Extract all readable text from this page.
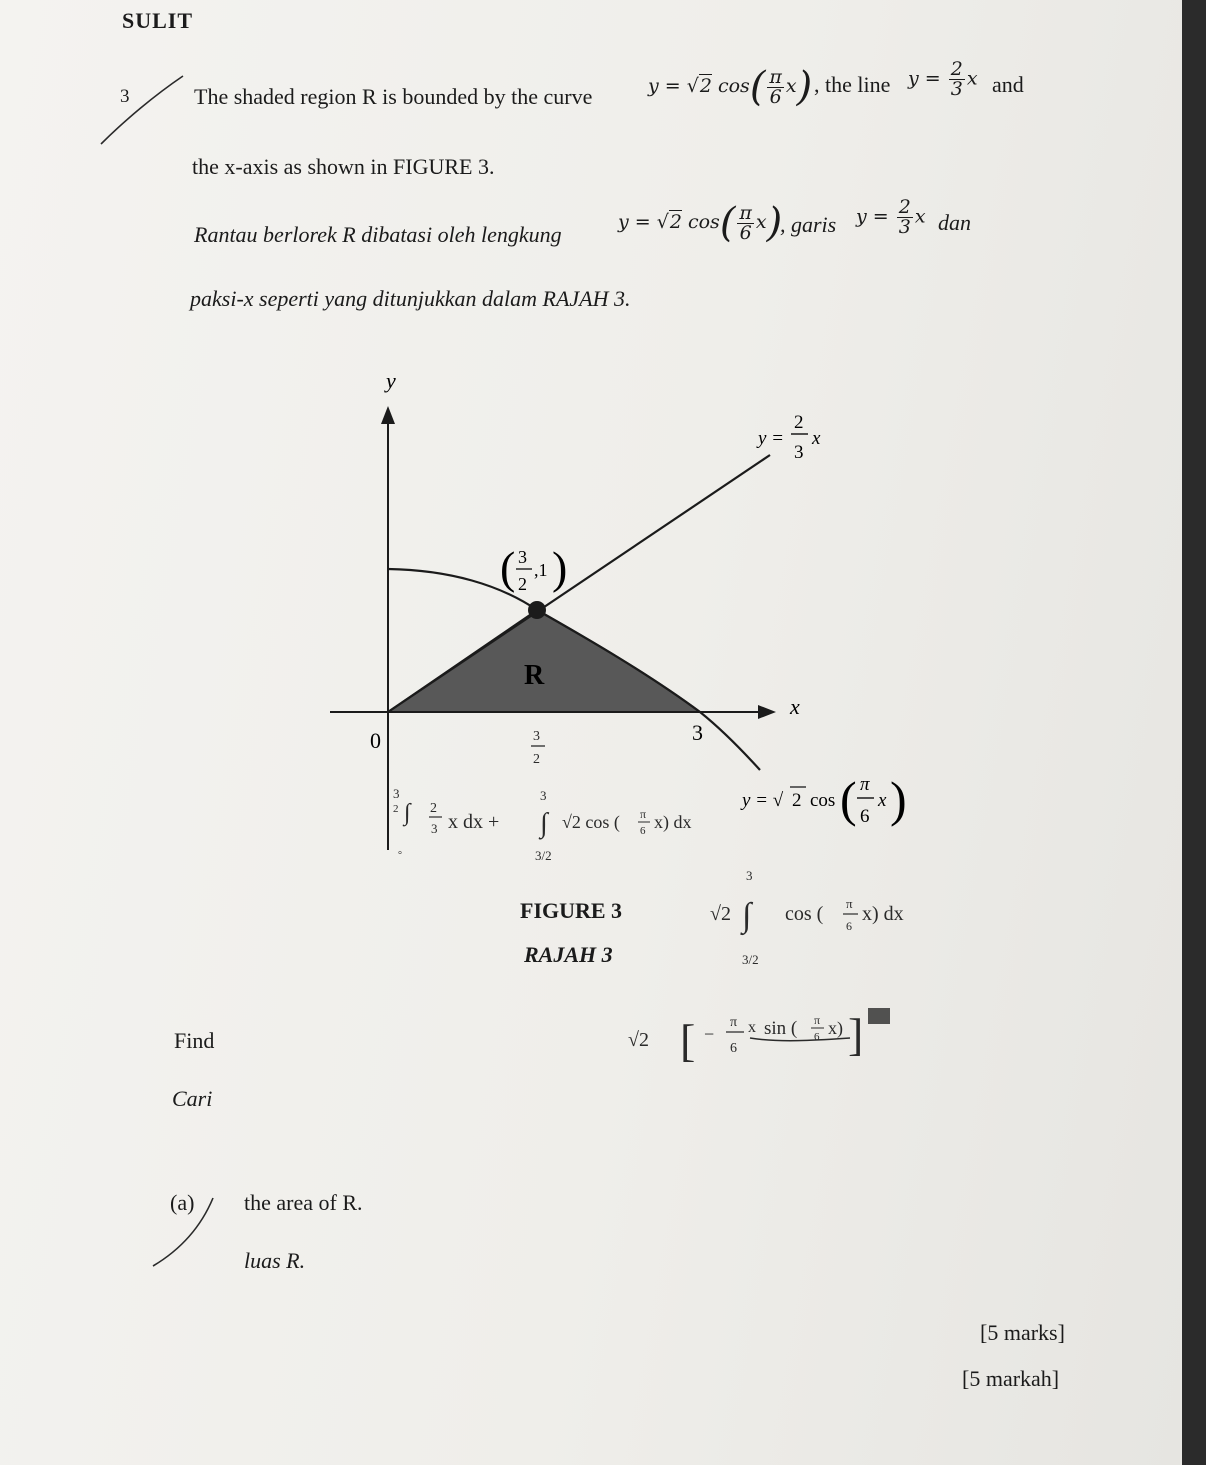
SULIT
3	The shaded region R is bounded by the curve	y = √2 $\cos( \frac{\pi}{6} x)$ , the line $y = \frac{2}{3}$ x and
the x-axis as shown in FIGURE 3.
Rantau berlorek R dibatasi oleh lengkung	y = √2 $\cos( \frac{\pi}{6} x)$
, garis $y = \frac{2}{3}$ x dan
paksi-x seperti yang ditunjukkan dalam RAJAH 3.
y
x
0	3
R
( 3
2
,1 )
y =
2
3
x
y = √ 2 cos ( π
6
x )
3
2
3
2 ∫
°
2
3 x dx +
3
∫ √2 cos ( π
6 x) dx
3/2
FIGURE 3
RAJAH 3
3
√2 ∫ cos ( π
6
x) dx
3/2
√2 [ −
π
6
x sin ( π
6 x) ]
Find
Cari
(a) the area of R.
luas R.
[5 marks]
[5 markah]
